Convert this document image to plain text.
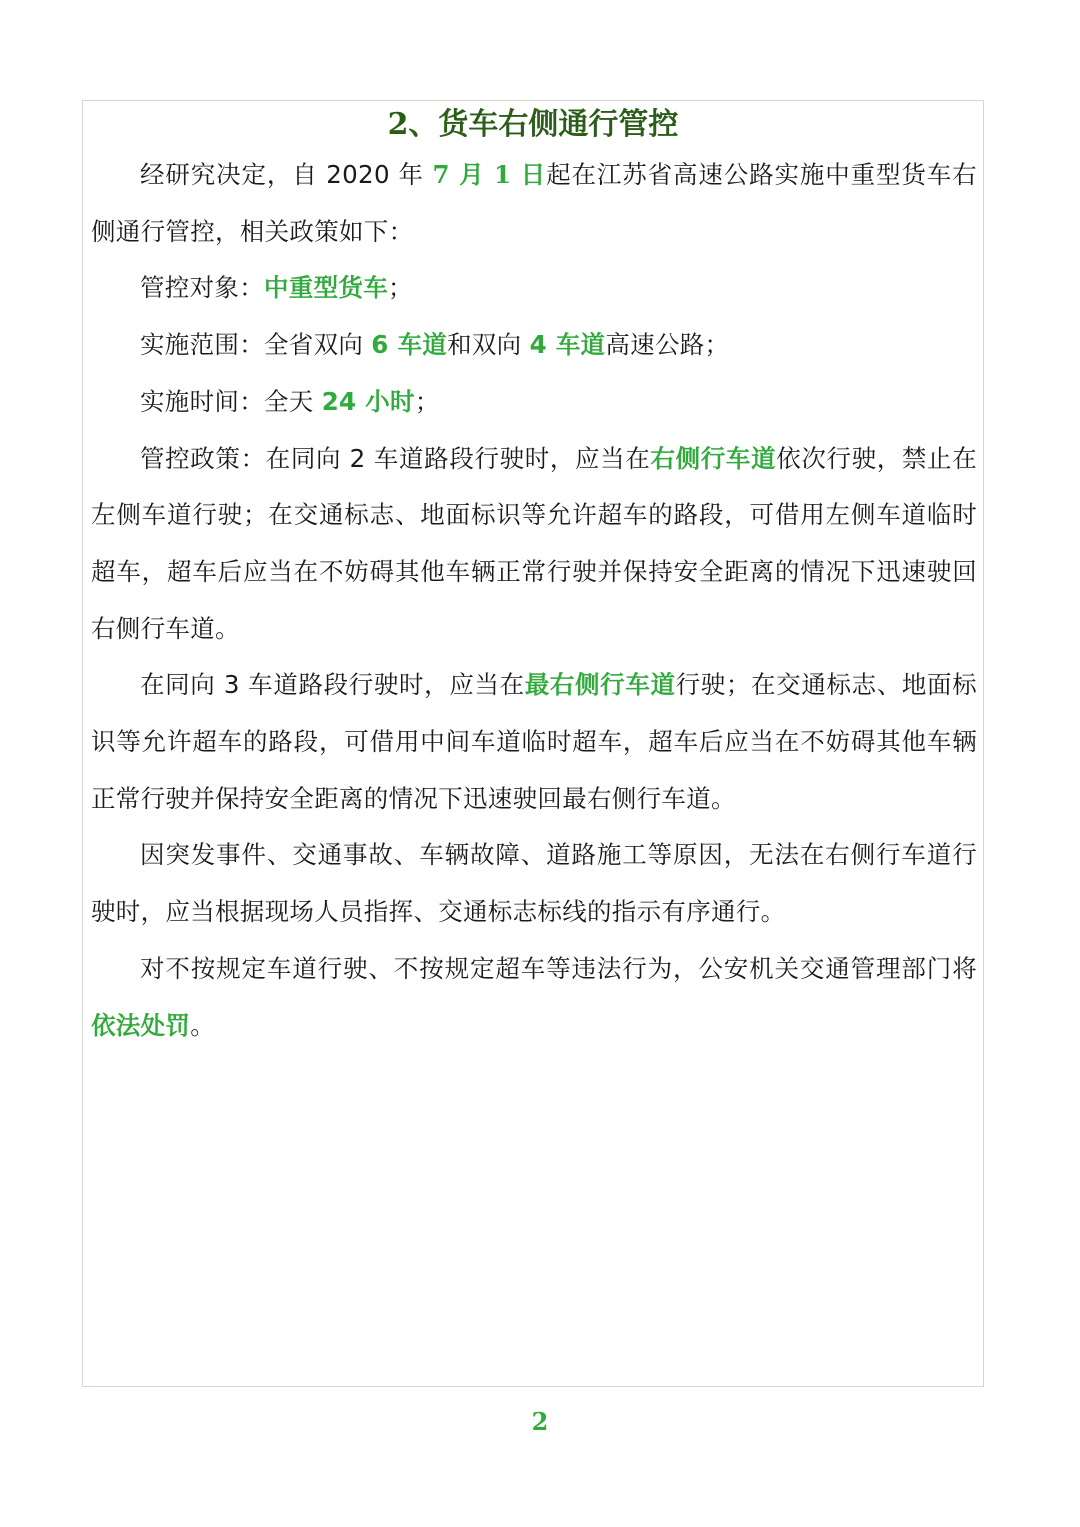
2、货车右侧通行管控

经研究决定，自 2020 年 7 月 1 日起在江苏省高速公路实施中重型货车右侧通行管控，相关政策如下：

管控对象：中重型货车；

实施范围：全省双向 6 车道和双向 4 车道高速公路；

实施时间：全天 24 小时；

管控政策：在同向 2 车道路段行驶时，应当在右侧行车道依次行驶，禁止在左侧车道行驶；在交通标志、地面标识等允许超车的路段，可借用左侧车道临时超车，超车后应当在不妨碍其他车辆正常行驶并保持安全距离的情况下迅速驶回右侧行车道。

在同向 3 车道路段行驶时，应当在最右侧行车道行驶；在交通标志、地面标识等允许超车的路段，可借用中间车道临时超车，超车后应当在不妨碍其他车辆正常行驶并保持安全距离的情况下迅速驶回最右侧行车道。

因突发事件、交通事故、车辆故障、道路施工等原因，无法在右侧行车道行驶时，应当根据现场人员指挥、交通标志标线的指示有序通行。

对不按规定车道行驶、不按规定超车等违法行为，公安机关交通管理部门将依法处罚。

2
